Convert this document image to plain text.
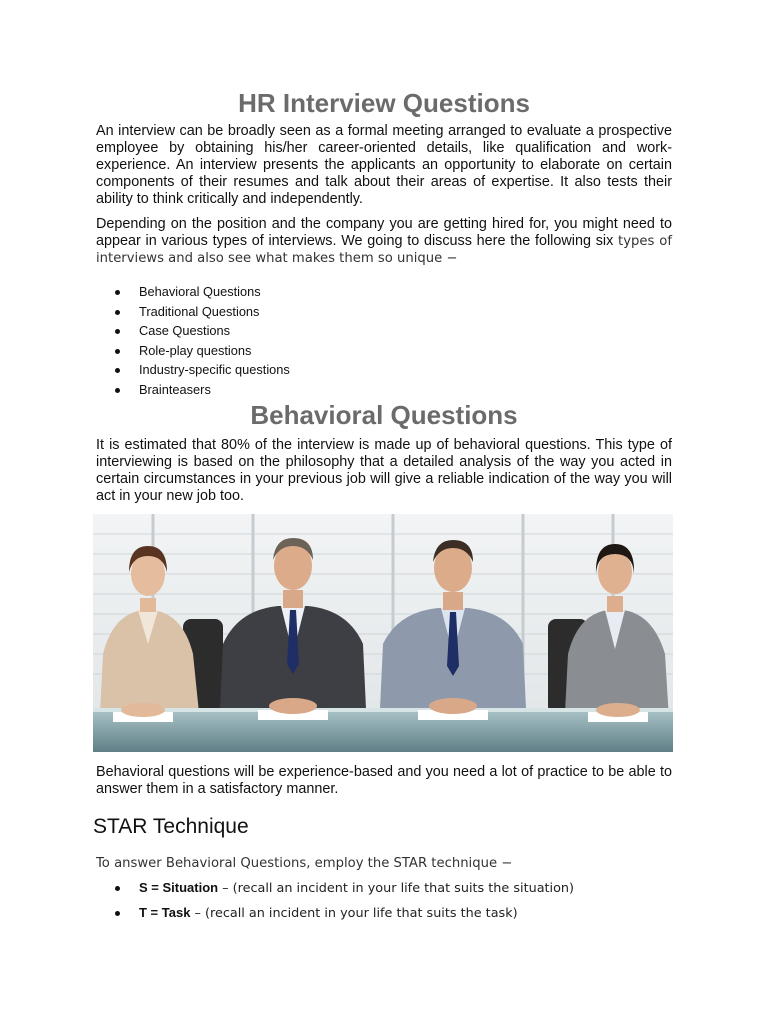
HR Interview Questions

An interview can be broadly seen as a formal meeting arranged to evaluate a prospective employee by obtaining his/her career-oriented details, like qualification and work-experience. An interview presents the applicants an opportunity to elaborate on certain components of their resumes and talk about their areas of expertise. It also tests their ability to think critically and independently.

Depending on the position and the company you are getting hired for, you might need to appear in various types of interviews. We going to discuss here the following six types of interviews and also see what makes them so unique −

Behavioral Questions
Traditional Questions
Case Questions
Role-play questions
Industry-specific questions
Brainteasers
Behavioral Questions

It is estimated that 80% of the interview is made up of behavioral questions. This type of interviewing is based on the philosophy that a detailed analysis of the way you acted in certain circumstances in your previous job will give a reliable indication of the way you will act in your new job too.

Behavioral questions will be experience-based and you need a lot of practice to be able to answer them in a satisfactory manner.

STAR Technique

To answer Behavioral Questions, employ the STAR technique −

S = Situation – (recall an incident in your life that suits the situation)
T = Task – (recall an incident in your life that suits the task)
